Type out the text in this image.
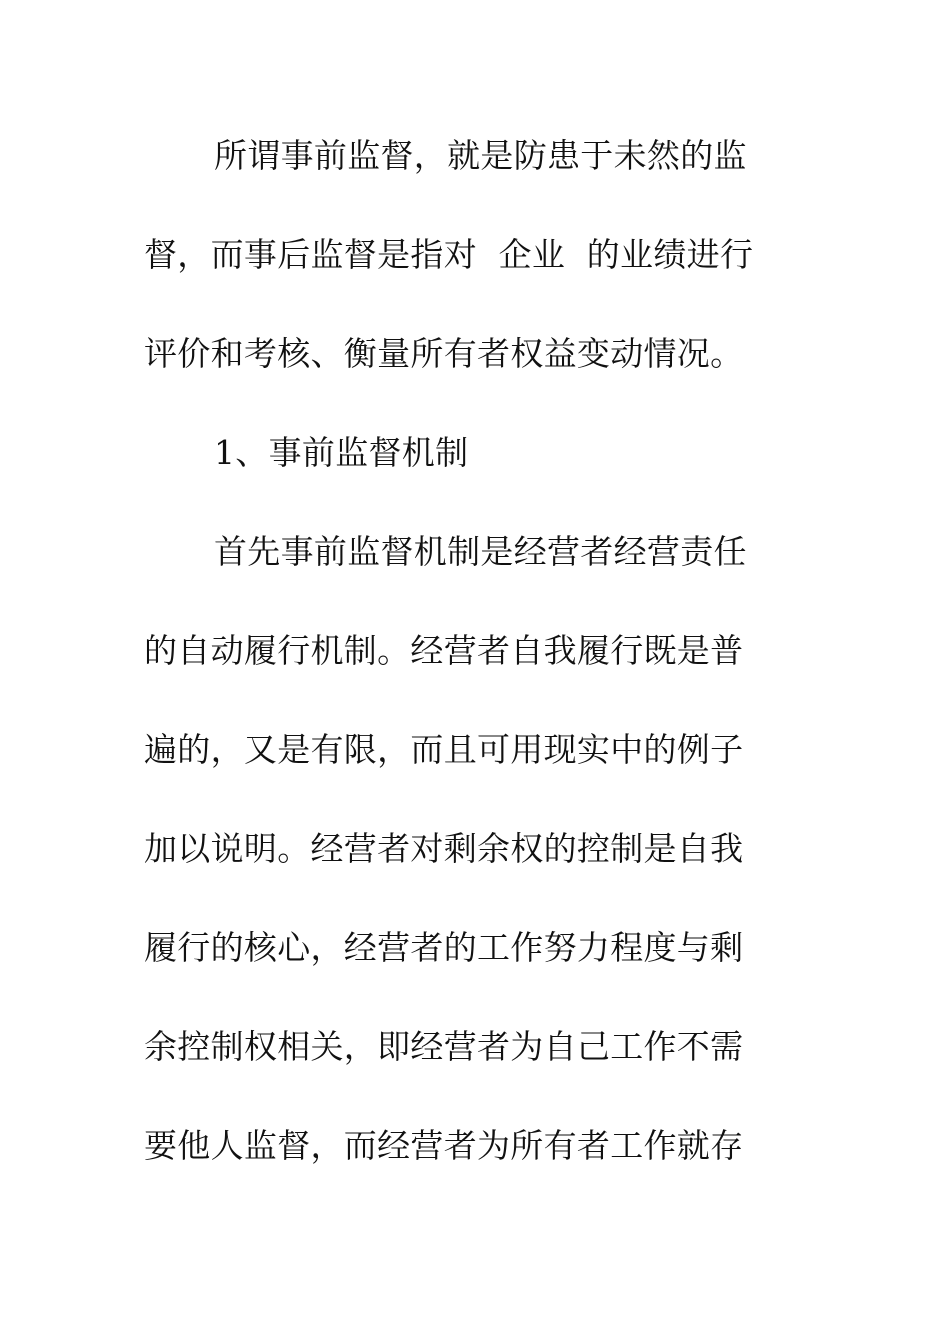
所谓事前监督，就是防患于未然的监
督，而事后监督是指对  企业  的业绩进行
评价和考核、衡量所有者权益变动情况。
1、事前监督机制
首先事前监督机制是经营者经营责任
的自动履行机制。经营者自我履行既是普
遍的，又是有限，而且可用现实中的例子
加以说明。经营者对剩余权的控制是自我
履行的核心，经营者的工作努力程度与剩
余控制权相关，即经营者为自己工作不需
要他人监督，而经营者为所有者工作就存
